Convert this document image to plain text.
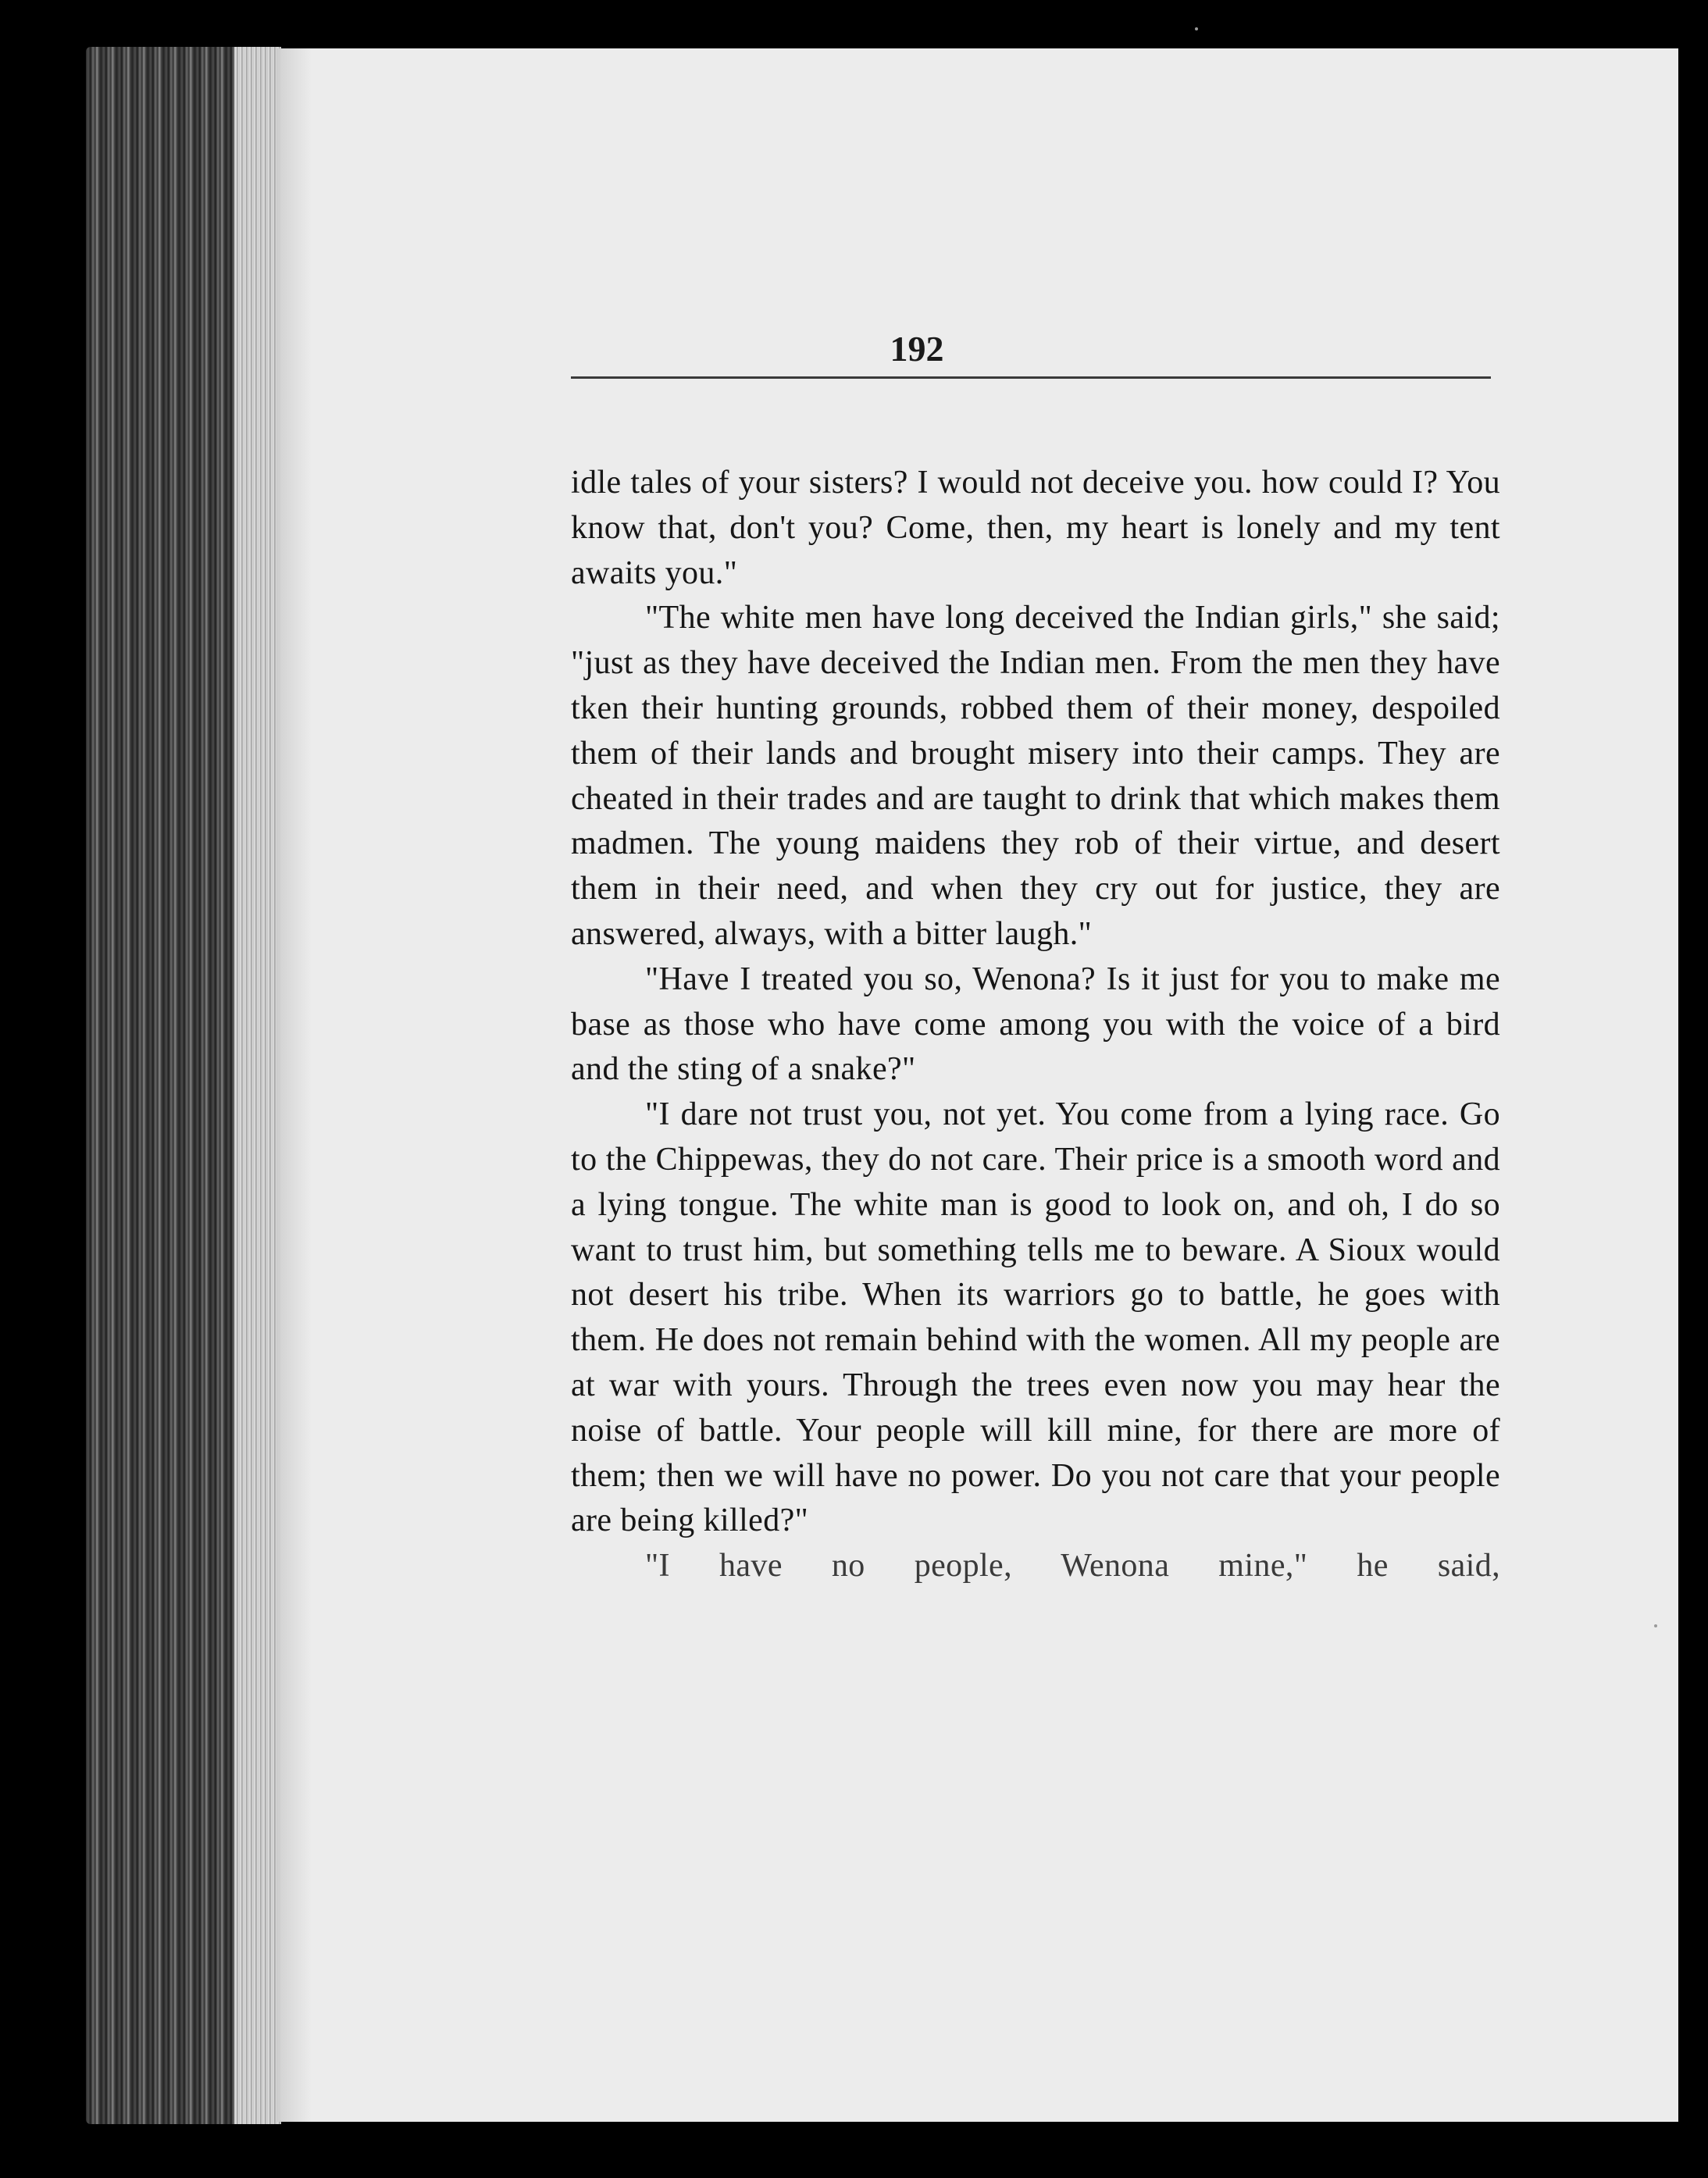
192

idle tales of your sisters? I would not deceive you. how could I? You know that, don't you? Come, then, my heart is lonely and my tent awaits you."

"The white men have long deceived the Indian girls," she said; "just as they have deceived the Indian men. From the men they have tken their hunting grounds, robbed them of their money, despoiled them of their lands and brought misery into their camps. They are cheated in their trades and are taught to drink that which makes them madmen. The young maidens they rob of their virtue, and desert them in their need, and when they cry out for justice, they are answered, always, with a bitter laugh."

"Have I treated you so, Wenona? Is it just for you to make me base as those who have come among you with the voice of a bird and the sting of a snake?"

"I dare not trust you, not yet. You come from a lying race. Go to the Chippewas, they do not care. Their price is a smooth word and a lying tongue. The white man is good to look on, and oh, I do so want to trust him, but something tells me to beware. A Sioux would not desert his tribe. When its warriors go to battle, he goes with them. He does not remain behind with the women. All my people are at war with yours. Through the trees even now you may hear the noise of battle. Your people will kill mine, for there are more of them; then we will have no power. Do you not care that your people are being killed?"

"I have no people, Wenona mine," he said,
